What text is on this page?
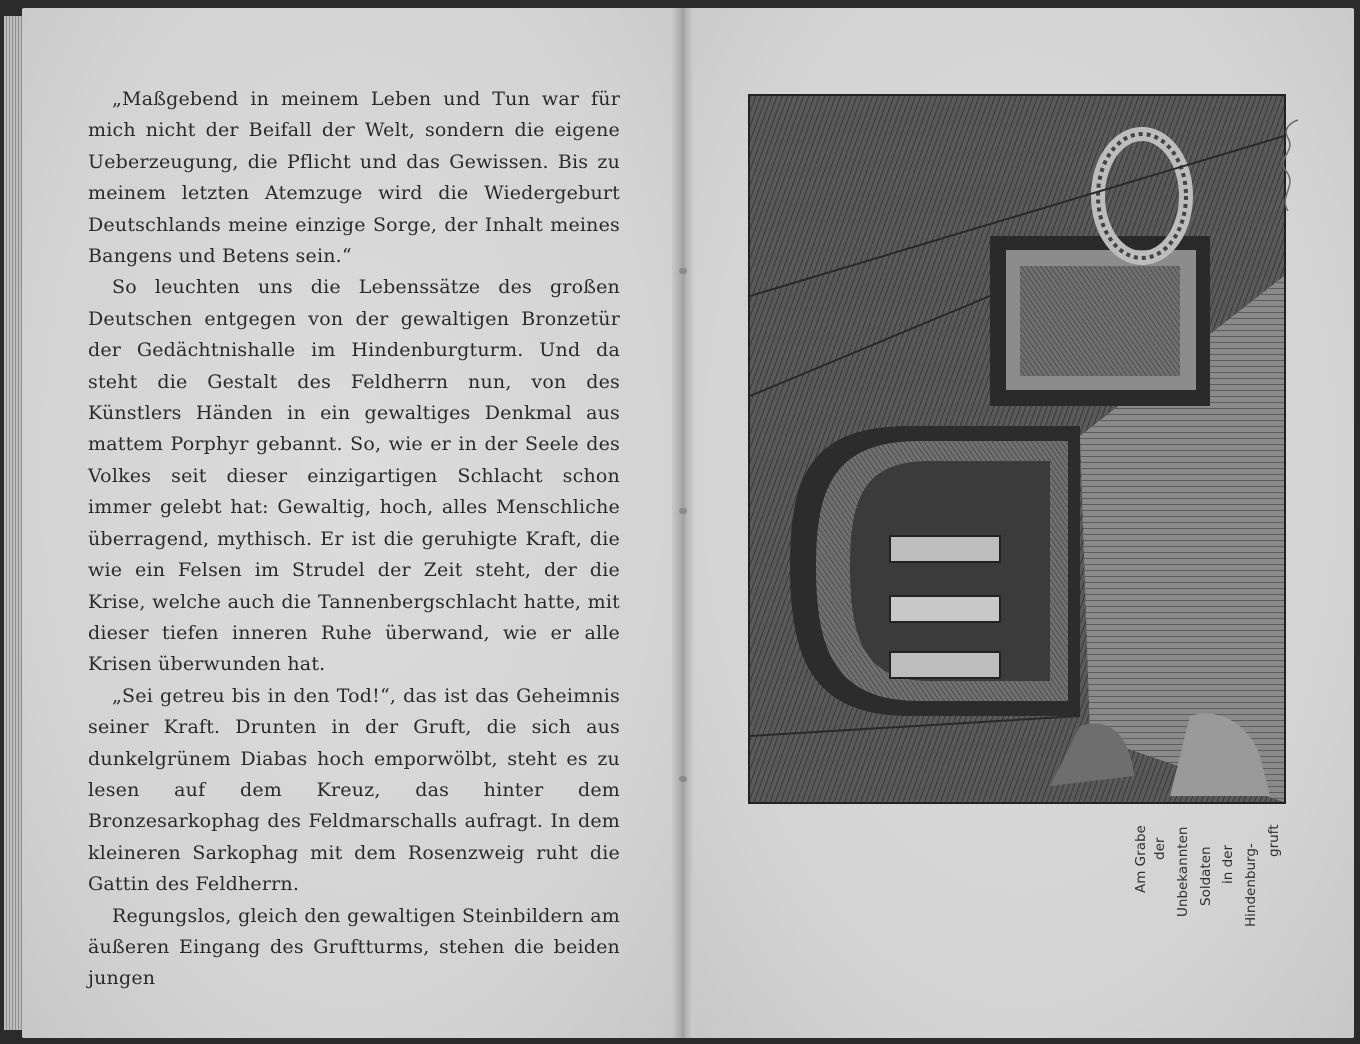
„Maßgebend in meinem Leben und Tun war für mich nicht der Beifall der Welt, sondern die eigene Ueberzeugung, die Pflicht und das Gewissen. Bis zu meinem letzten Atemzuge wird die Wiedergeburt Deutschlands meine einzige Sorge, der Inhalt meines Bangens und Betens sein.“

So leuchten uns die Lebenssätze des großen Deutschen entgegen von der gewaltigen Bronzetür der Gedächtnishalle im Hindenburgturm. Und da steht die Gestalt des Feldherrn nun, von des Künstlers Händen in ein gewaltiges Denkmal aus mattem Porphyr gebannt. So, wie er in der Seele des Volkes seit dieser einzigartigen Schlacht schon immer gelebt hat: Gewaltig, hoch, alles Menschliche überragend, mythisch. Er ist die geruhigte Kraft, die wie ein Felsen im Strudel der Zeit steht, der die Krise, welche auch die Tannenbergschlacht hatte, mit dieser tiefen inneren Ruhe überwand, wie er alle Krisen überwunden hat.

„Sei getreu bis in den Tod!“, das ist das Geheimnis seiner Kraft. Drunten in der Gruft, die sich aus dunkelgrünem Diabas hoch emporwölbt, steht es zu lesen auf dem Kreuz, das hinter dem Bronzesarkophag des Feldmarschalls aufragt. In dem kleineren Sarkophag mit dem Rosenzweig ruht die Gattin des Feldherrn.

Regungslos, gleich den gewaltigen Steinbildern am äußeren Eingang des Gruftturms, stehen die beiden jungen

Am Grabe der Unbekannten Soldaten in der Hindenburg-
gruft
